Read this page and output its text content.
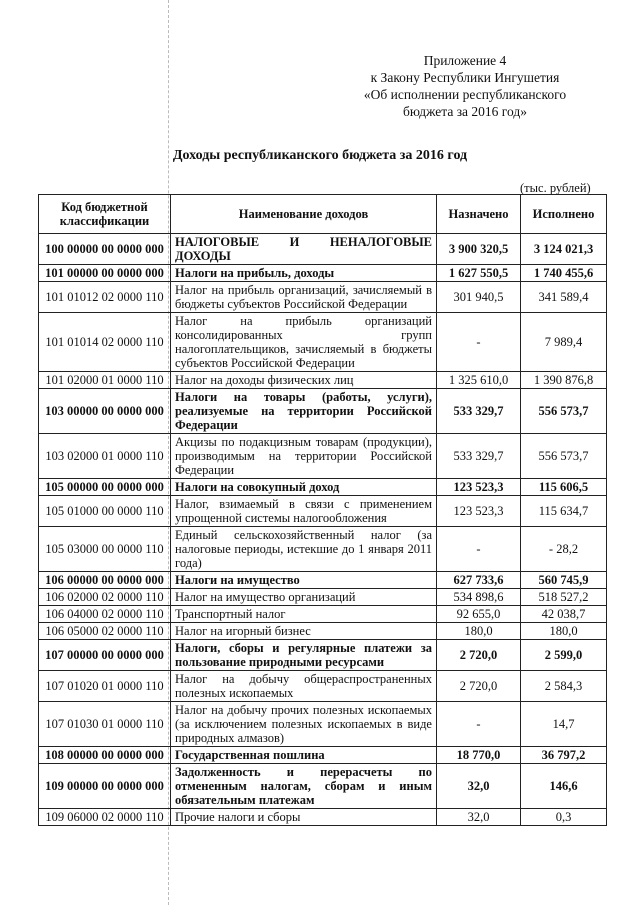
Приложение 4
к Закону Республики Ингушетия
«Об исполнении республиканского
бюджета за 2016 год»
Доходы республиканского бюджета за 2016 год
(тыс. рублей)
Код бюджетной классификации	Наименование доходов	Назначено	Исполнено
100 00000 00 0000 000	НАЛОГОВЫЕ И НЕНАЛОГОВЫЕ ДОХОДЫ	3 900 320,5	3 124 021,3
101 00000 00 0000 000	Налоги на прибыль, доходы	1 627 550,5	1 740 455,6
101 01012 02 0000 110	Налог на прибыль организаций, зачисляемый в бюджеты субъектов Российской Федерации	301 940,5	341 589,4
101 01014 02 0000 110	Налог на прибыль организаций консолидированных групп налогоплательщиков, зачисляемый в бюджеты субъектов Российской Федерации	-	7 989,4
101 02000 01 0000 110	Налог на доходы физических лиц	1 325 610,0	1 390 876,8
103 00000 00 0000 000	Налоги на товары (работы, услуги), реализуемые на территории Российской Федерации	533 329,7	556 573,7
103 02000 01 0000 110	Акцизы по подакцизным товарам (продукции), производимым на территории Российской Федерации	533 329,7	556 573,7
105 00000 00 0000 000	Налоги на совокупный доход	123 523,3	115 606,5
105 01000 00 0000 110	Налог, взимаемый в связи с применением упрощенной системы налогообложения	123 523,3	115 634,7
105 03000 00 0000 110	Единый сельскохозяйственный налог (за налоговые периоды, истекшие до 1 января 2011 года)	-	- 28,2
106 00000 00 0000 000	Налоги на имущество	627 733,6	560 745,9
106 02000 02 0000 110	Налог на имущество организаций	534 898,6	518 527,2
106 04000 02 0000 110	Транспортный налог	92 655,0	42 038,7
106 05000 02 0000 110	Налог на игорный бизнес	180,0	180,0
107 00000 00 0000 000	Налоги, сборы и регулярные платежи за пользование природными ресурсами	2 720,0	2 599,0
107 01020 01 0000 110	Налог на добычу общераспространенных полезных ископаемых	2 720,0	2 584,3
107 01030 01 0000 110	Налог на добычу прочих полезных ископаемых (за исключением полезных ископаемых в виде природных алмазов)	-	14,7
108 00000 00 0000 000	Государственная пошлина	18 770,0	36 797,2
109 00000 00 0000 000	Задолженность и перерасчеты по отмененным налогам, сборам и иным обязательным платежам	32,0	146,6
109 06000 02 0000 110	Прочие налоги и сборы	32,0	0,3
